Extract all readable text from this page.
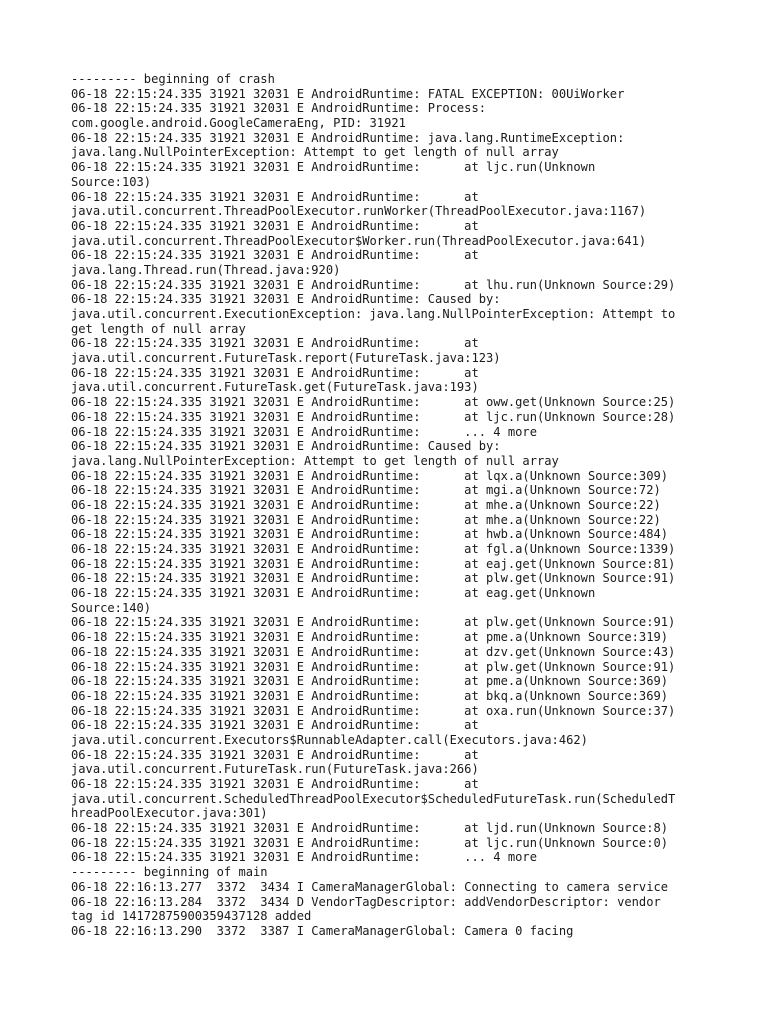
--------- beginning of crash
06-18 22:15:24.335 31921 32031 E AndroidRuntime: FATAL EXCEPTION: 00UiWorker
06-18 22:15:24.335 31921 32031 E AndroidRuntime: Process:
com.google.android.GoogleCameraEng, PID: 31921
06-18 22:15:24.335 31921 32031 E AndroidRuntime: java.lang.RuntimeException:
java.lang.NullPointerException: Attempt to get length of null array
06-18 22:15:24.335 31921 32031 E AndroidRuntime:      at ljc.run(Unknown
Source:103)
06-18 22:15:24.335 31921 32031 E AndroidRuntime:      at
java.util.concurrent.ThreadPoolExecutor.runWorker(ThreadPoolExecutor.java:1167)
06-18 22:15:24.335 31921 32031 E AndroidRuntime:      at
java.util.concurrent.ThreadPoolExecutor$Worker.run(ThreadPoolExecutor.java:641)
06-18 22:15:24.335 31921 32031 E AndroidRuntime:      at
java.lang.Thread.run(Thread.java:920)
06-18 22:15:24.335 31921 32031 E AndroidRuntime:      at lhu.run(Unknown Source:29)
06-18 22:15:24.335 31921 32031 E AndroidRuntime: Caused by:
java.util.concurrent.ExecutionException: java.lang.NullPointerException: Attempt to
get length of null array
06-18 22:15:24.335 31921 32031 E AndroidRuntime:      at
java.util.concurrent.FutureTask.report(FutureTask.java:123)
06-18 22:15:24.335 31921 32031 E AndroidRuntime:      at
java.util.concurrent.FutureTask.get(FutureTask.java:193)
06-18 22:15:24.335 31921 32031 E AndroidRuntime:      at oww.get(Unknown Source:25)
06-18 22:15:24.335 31921 32031 E AndroidRuntime:      at ljc.run(Unknown Source:28)
06-18 22:15:24.335 31921 32031 E AndroidRuntime:      ... 4 more
06-18 22:15:24.335 31921 32031 E AndroidRuntime: Caused by:
java.lang.NullPointerException: Attempt to get length of null array
06-18 22:15:24.335 31921 32031 E AndroidRuntime:      at lqx.a(Unknown Source:309)
06-18 22:15:24.335 31921 32031 E AndroidRuntime:      at mgi.a(Unknown Source:72)
06-18 22:15:24.335 31921 32031 E AndroidRuntime:      at mhe.a(Unknown Source:22)
06-18 22:15:24.335 31921 32031 E AndroidRuntime:      at mhe.a(Unknown Source:22)
06-18 22:15:24.335 31921 32031 E AndroidRuntime:      at hwb.a(Unknown Source:484)
06-18 22:15:24.335 31921 32031 E AndroidRuntime:      at fgl.a(Unknown Source:1339)
06-18 22:15:24.335 31921 32031 E AndroidRuntime:      at eaj.get(Unknown Source:81)
06-18 22:15:24.335 31921 32031 E AndroidRuntime:      at plw.get(Unknown Source:91)
06-18 22:15:24.335 31921 32031 E AndroidRuntime:      at eag.get(Unknown
Source:140)
06-18 22:15:24.335 31921 32031 E AndroidRuntime:      at plw.get(Unknown Source:91)
06-18 22:15:24.335 31921 32031 E AndroidRuntime:      at pme.a(Unknown Source:319)
06-18 22:15:24.335 31921 32031 E AndroidRuntime:      at dzv.get(Unknown Source:43)
06-18 22:15:24.335 31921 32031 E AndroidRuntime:      at plw.get(Unknown Source:91)
06-18 22:15:24.335 31921 32031 E AndroidRuntime:      at pme.a(Unknown Source:369)
06-18 22:15:24.335 31921 32031 E AndroidRuntime:      at bkq.a(Unknown Source:369)
06-18 22:15:24.335 31921 32031 E AndroidRuntime:      at oxa.run(Unknown Source:37)
06-18 22:15:24.335 31921 32031 E AndroidRuntime:      at
java.util.concurrent.Executors$RunnableAdapter.call(Executors.java:462)
06-18 22:15:24.335 31921 32031 E AndroidRuntime:      at
java.util.concurrent.FutureTask.run(FutureTask.java:266)
06-18 22:15:24.335 31921 32031 E AndroidRuntime:      at
java.util.concurrent.ScheduledThreadPoolExecutor$ScheduledFutureTask.run(ScheduledT
hreadPoolExecutor.java:301)
06-18 22:15:24.335 31921 32031 E AndroidRuntime:      at ljd.run(Unknown Source:8)
06-18 22:15:24.335 31921 32031 E AndroidRuntime:      at ljc.run(Unknown Source:0)
06-18 22:15:24.335 31921 32031 E AndroidRuntime:      ... 4 more
--------- beginning of main
06-18 22:16:13.277  3372  3434 I CameraManagerGlobal: Connecting to camera service
06-18 22:16:13.284  3372  3434 D VendorTagDescriptor: addVendorDescriptor: vendor
tag id 14172875900359437128 added
06-18 22:16:13.290  3372  3387 I CameraManagerGlobal: Camera 0 facing
